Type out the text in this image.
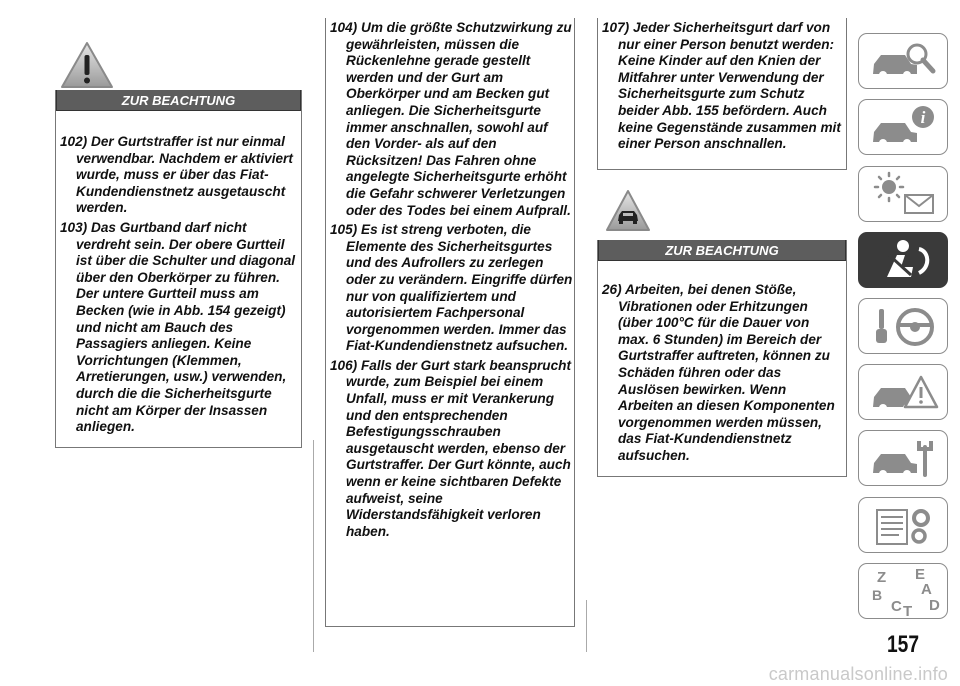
ZUR BEACHTUNG

102) Der Gurtstraffer ist nur einmal verwendbar. Nachdem er aktiviert wurde, muss er über das Fiat-Kundendienstnetz ausgetauscht werden.

103) Das Gurtband darf nicht verdreht sein. Der obere Gurtteil ist über die Schulter und diagonal über den Oberkörper zu führen. Der untere Gurtteil muss am Becken (wie in Abb. 154 gezeigt) und nicht am Bauch des Passagiers anliegen. Keine Vorrichtungen (Klemmen, Arretierungen, usw.) verwenden, durch die die Sicherheitsgurte nicht am Körper der Insassen anliegen.

104) Um die größte Schutzwirkung zu gewährleisten, müssen die Rückenlehne gerade gestellt werden und der Gurt am Oberkörper und am Becken gut anliegen. Die Sicherheitsgurte immer anschnallen, sowohl auf den Vorder- als auf den Rücksitzen! Das Fahren ohne angelegte Sicherheitsgurte erhöht die Gefahr schwerer Verletzungen oder des Todes bei einem Aufprall.

105) Es ist streng verboten, die Elemente des Sicherheitsgurtes und des Aufrollers zu zerlegen oder zu verändern. Eingriffe dürfen nur von qualifiziertem und autorisiertem Fachpersonal vorgenommen werden. Immer das Fiat-Kundendienstnetz aufsuchen.

106) Falls der Gurt stark beansprucht wurde, zum Beispiel bei einem Unfall, muss er mit Verankerung und den entsprechenden Befestigungsschrauben ausgetauscht werden, ebenso der Gurtstraffer. Der Gurt könnte, auch wenn er keine sichtbaren Defekte aufweist, seine Widerstandsfähigkeit verloren haben.

107) Jeder Sicherheitsgurt darf von nur einer Person benutzt werden: Keine Kinder auf den Knien der Mitfahrer unter Verwendung der Sicherheitsgurte zum Schutz beider Abb. 155 befördern. Auch keine Gegenstände zusammen mit einer Person anschnallen.

ZUR BEACHTUNG

26) Arbeiten, bei denen Stöße, Vibrationen oder Erhitzungen (über 100°C für die Dauer von max. 6 Stunden) im Bereich der Gurtstraffer auftreten, können zu Schäden führen oder das Auslösen bewirken. Wenn Arbeiten an diesen Komponenten vorgenommen werden müssen, das Fiat-Kundendienstnetz aufsuchen.

i
Z E
A
B
C T D
157
carmanualsonline.info
